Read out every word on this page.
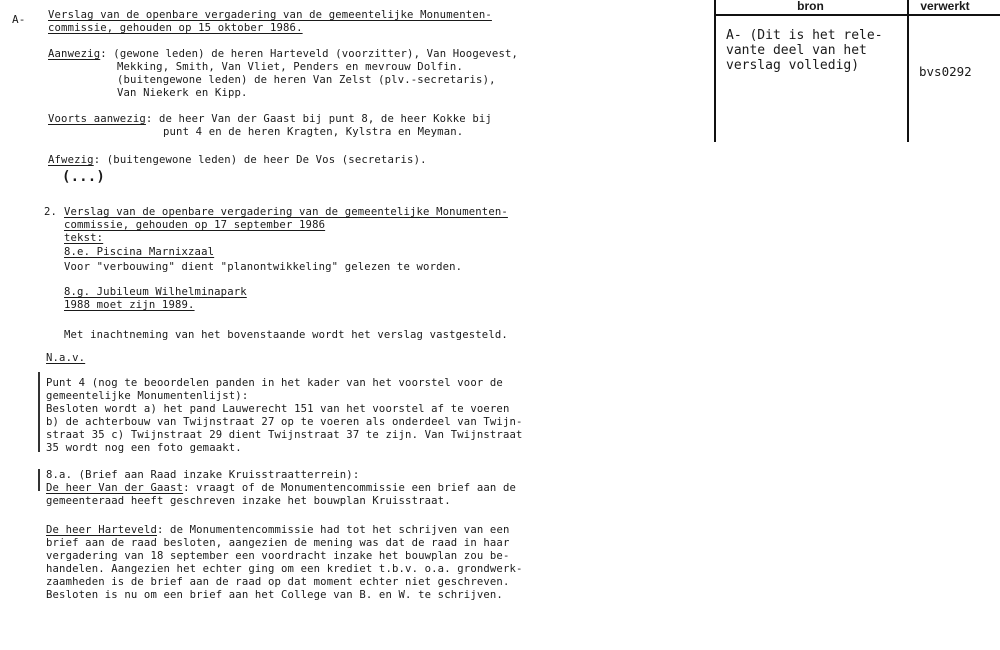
A- Verslag van de openbare vergadering van de gemeentelijke Monumenten-
commissie, gehouden op 15 oktober 1986.
Aanwezig: (gewone leden) de heren Harteveld (voorzitter), Van Hoogevest,
Mekking, Smith, Van Vliet, Penders en mevrouw Dolfin.
(buitengewone leden) de heren Van Zelst (plv.-secretaris),
Van Niekerk en Kipp.
Voorts aanwezig: de heer Van der Gaast bij punt 8, de heer Kokke bij
punt 4 en de heren Kragten, Kylstra en Meyman.
Afwezig: (buitengewone leden) de heer De Vos (secretaris).
(...)
2. Verslag van de openbare vergadering van de gemeentelijke Monumenten-
commissie, gehouden op 17 september 1986
tekst:
8.e. Piscina Marnixzaal
Voor "verbouwing" dient "planontwikkeling" gelezen te worden.
8.g. Jubileum Wilhelminapark
1988 moet zijn 1989.
Met inachtneming van het bovenstaande wordt het verslag vastgesteld.
N.a.v.
Punt 4 (nog te beoordelen panden in het kader van het voorstel voor de
gemeentelijke Monumentenlijst):
Besloten wordt a) het pand Lauwerecht 151 van het voorstel af te voeren
b) de achterbouw van Twijnstraat 27 op te voeren als onderdeel van Twijn-
straat 35 c) Twijnstraat 29 dient Twijnstraat 37 te zijn. Van Twijnstraat
35 wordt nog een foto gemaakt.
8.a. (Brief aan Raad inzake Kruisstraatterrein):
De heer Van der Gaast: vraagt of de Monumentencommissie een brief aan de
gemeenteraad heeft geschreven inzake het bouwplan Kruisstraat.
De heer Harteveld: de Monumentencommissie had tot het schrijven van een
brief aan de raad besloten, aangezien de mening was dat de raad in haar
vergadering van 18 september een voordracht inzake het bouwplan zou be-
handelen. Aangezien het echter ging om een krediet t.b.v. o.a. grondwerk-
zaamheden is de brief aan de raad op dat moment echter niet geschreven.
Besloten is nu om een brief aan het College van B. en W. te schrijven.
bron	verwerkt
A- (Dit is het rele-
vante deel van het
verslag volledig)	bvs0292
